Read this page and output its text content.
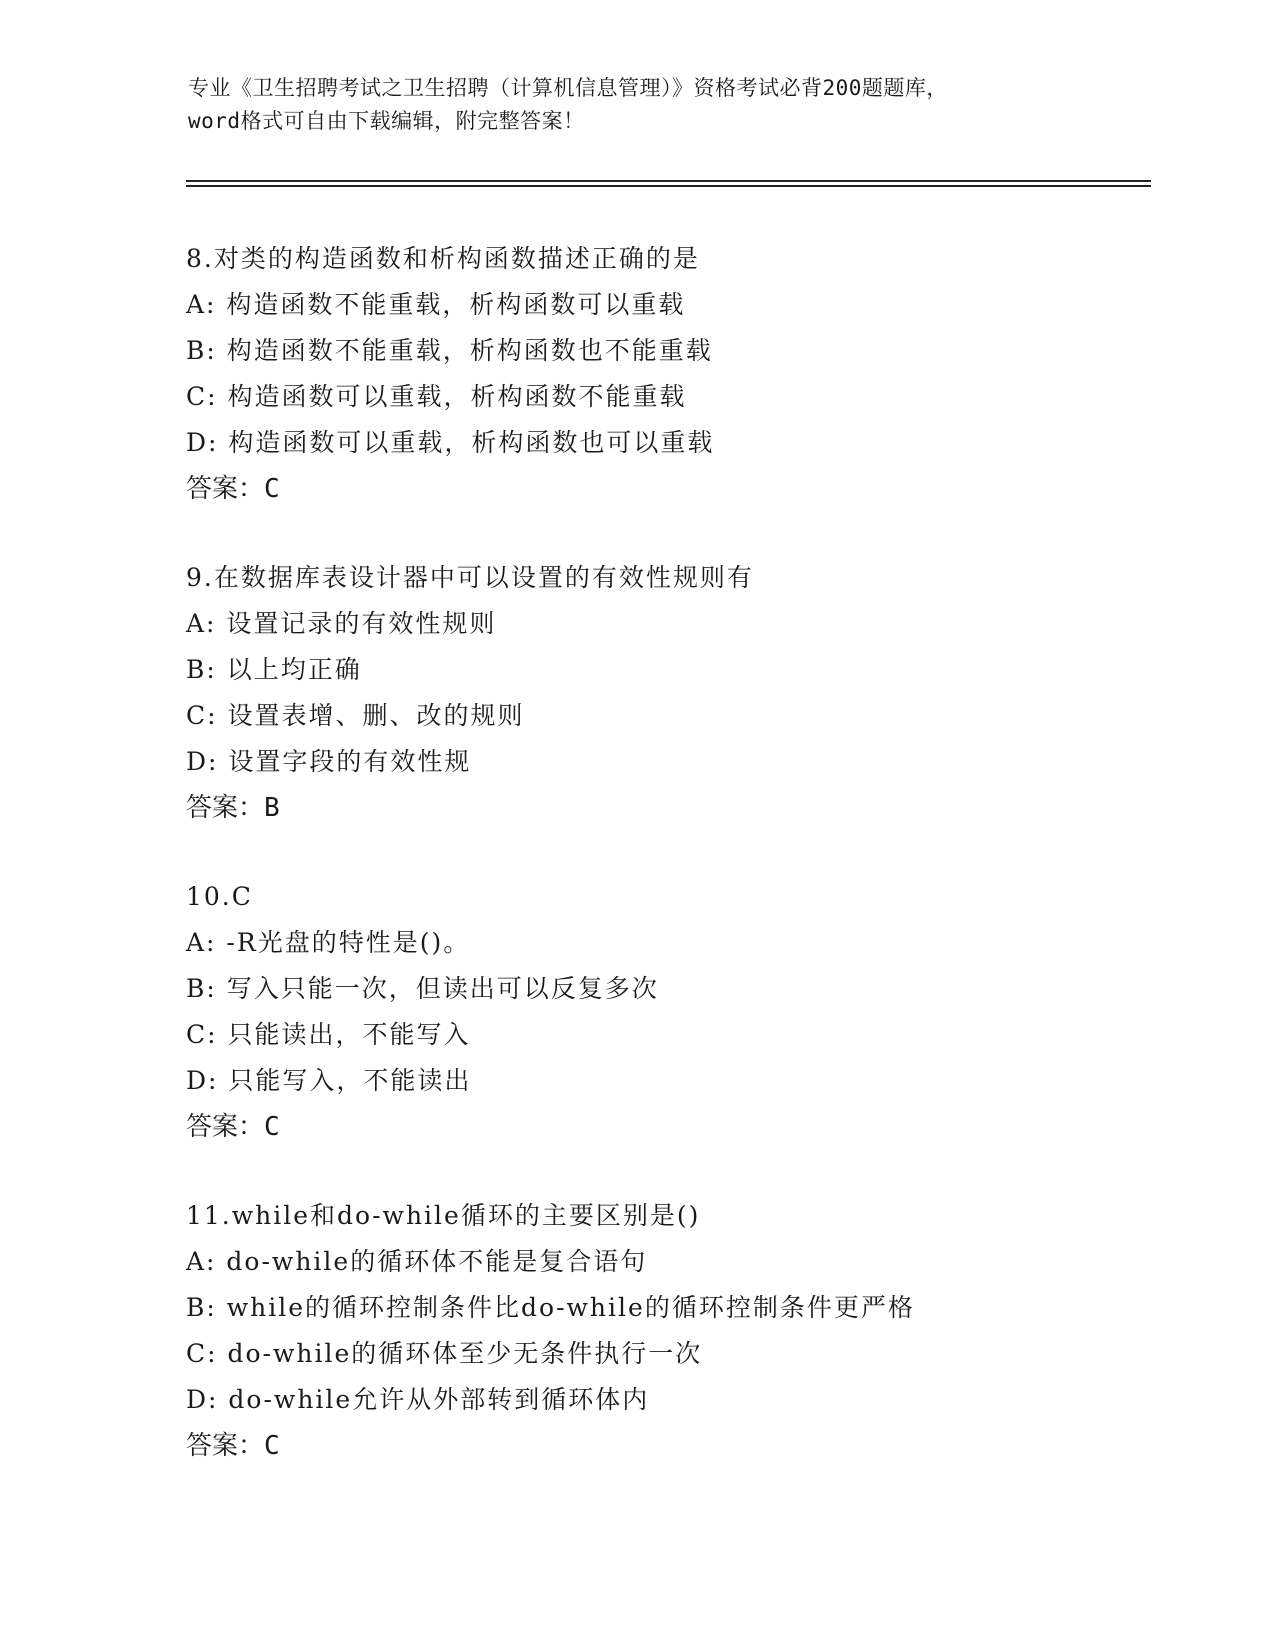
专业《卫生招聘考试之卫生招聘（计算机信息管理）》资格考试必背200题题库，
word格式可自由下载编辑，附完整答案！
8.对类的构造函数和析构函数描述正确的是
A: 构造函数不能重载，析构函数可以重载
B: 构造函数不能重载，析构函数也不能重载
C: 构造函数可以重载，析构函数不能重载
D: 构造函数可以重载，析构函数也可以重载
答案：C
9.在数据库表设计器中可以设置的有效性规则有
A: 设置记录的有效性规则
B: 以上均正确
C: 设置表增、删、改的规则
D: 设置字段的有效性规
答案：B
10.C
A: -R光盘的特性是()。
B: 写入只能一次，但读出可以反复多次
C: 只能读出，不能写入
D: 只能写入，不能读出
答案：C
11.while和do-while循环的主要区别是()
A: do-while的循环体不能是复合语句
B: while的循环控制条件比do-while的循环控制条件更严格
C: do-while的循环体至少无条件执行一次
D: do-while允许从外部转到循环体内
答案：C
